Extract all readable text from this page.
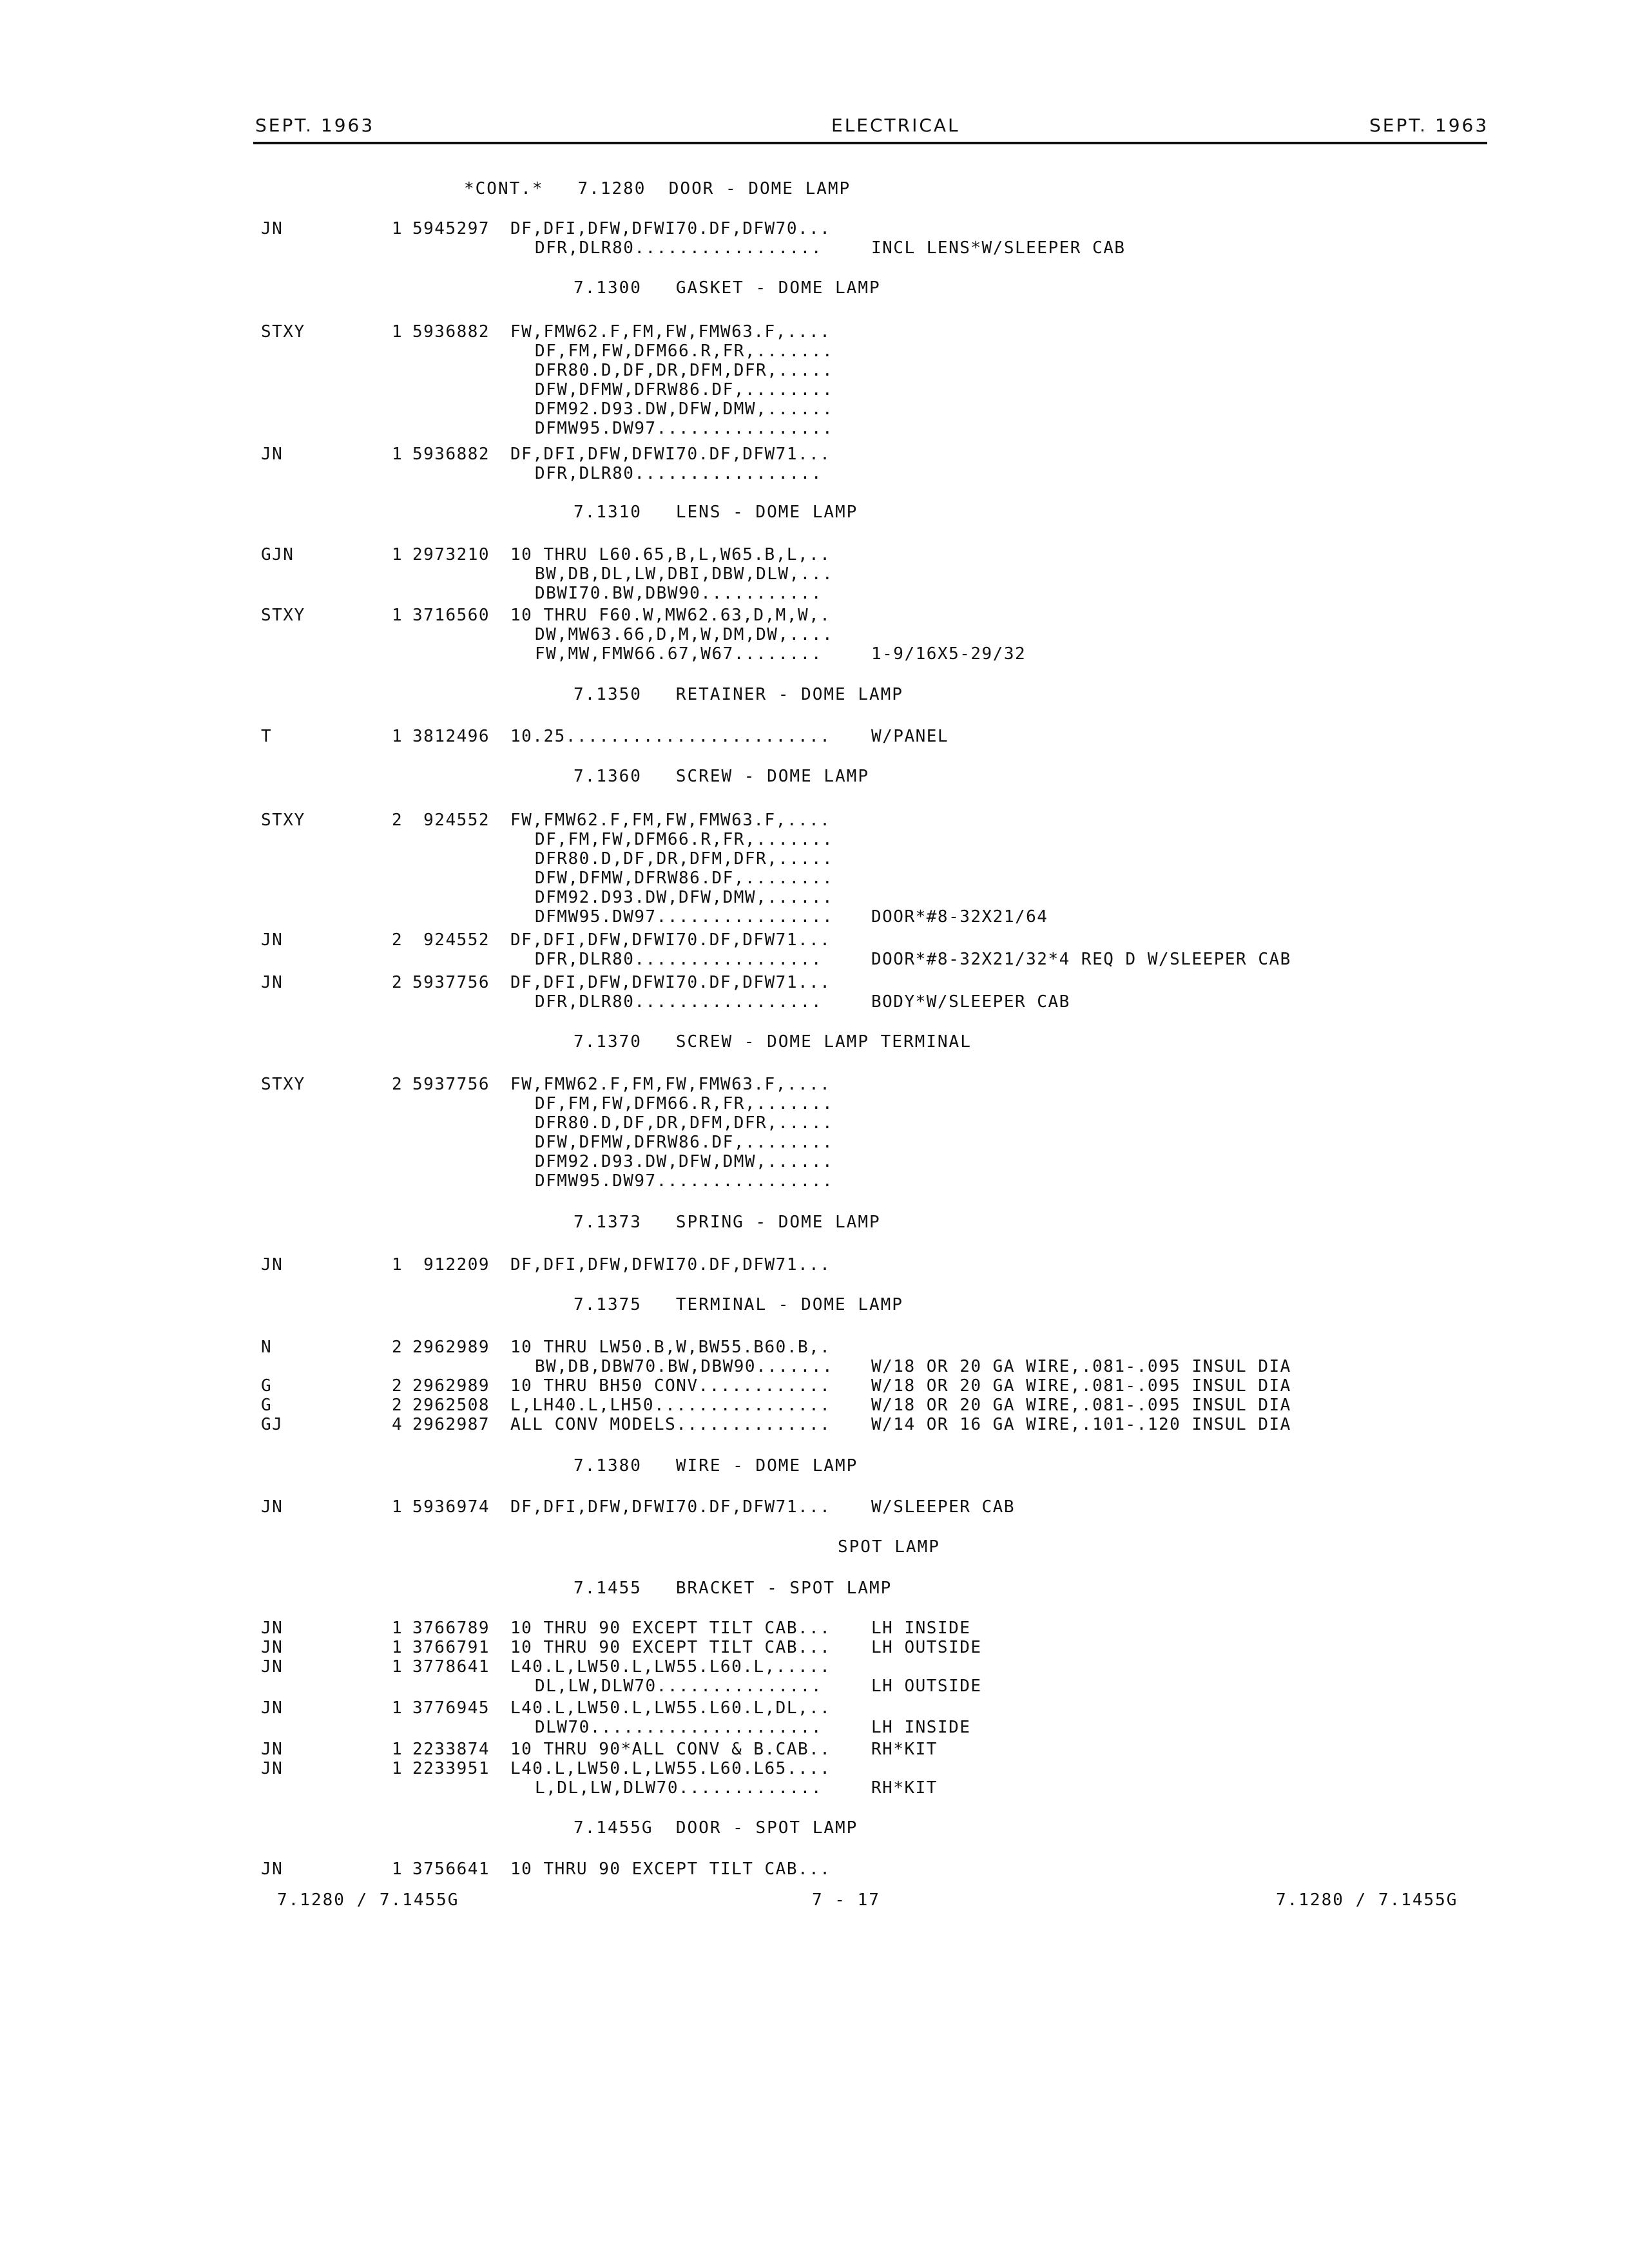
SEPT. 1963	ELECTRICAL	SEPT. 1963
*CONT.*   7.1280  DOOR - DOME LAMP
JN	1 5945297 DF,DFI,DFW,DFWI70.DF,DFW70...
DFR,DLR80.................	INCL LENS*W/SLEEPER CAB
7.1300   GASKET - DOME LAMP
STXY	1 5936882 FW,FMW62.F,FM,FW,FMW63.F,....
DF,FM,FW,DFM66.R,FR,.......
DFR80.D,DF,DR,DFM,DFR,.....
DFW,DFMW,DFRW86.DF,........
DFM92.D93.DW,DFW,DMW,......
DFMW95.DW97................
JN	1 5936882 DF,DFI,DFW,DFWI70.DF,DFW71...
DFR,DLR80.................
7.1310   LENS - DOME LAMP
GJN	1 2973210 10 THRU L60.65,B,L,W65.B,L,..
BW,DB,DL,LW,DBI,DBW,DLW,...
DBWI70.BW,DBW90...........
STXY	1 3716560 10 THRU F60.W,MW62.63,D,M,W,.
DW,MW63.66,D,M,W,DM,DW,....
FW,MW,FMW66.67,W67........	1-9/16X5-29/32
7.1350   RETAINER - DOME LAMP
T	1 3812496 10.25........................ W/PANEL
7.1360   SCREW - DOME LAMP
STXY	2 924552 FW,FMW62.F,FM,FW,FMW63.F,....
DF,FM,FW,DFM66.R,FR,.......
DFR80.D,DF,DR,DFM,DFR,.....
DFW,DFMW,DFRW86.DF,........
DFM92.D93.DW,DFW,DMW,......
DFMW95.DW97................ DOOR*#8-32X21/64
JN	2 924552 DF,DFI,DFW,DFWI70.DF,DFW71...
DFR,DLR80.................	DOOR*#8-32X21/32*4 REQ D W/SLEEPER CAB
JN	2 5937756 DF,DFI,DFW,DFWI70.DF,DFW71...
DFR,DLR80.................	BODY*W/SLEEPER CAB
7.1370   SCREW - DOME LAMP TERMINAL
STXY	2 5937756 FW,FMW62.F,FM,FW,FMW63.F,....
DF,FM,FW,DFM66.R,FR,.......
DFR80.D,DF,DR,DFM,DFR,.....
DFW,DFMW,DFRW86.DF,........
DFM92.D93.DW,DFW,DMW,......
DFMW95.DW97................
7.1373   SPRING - DOME LAMP
JN	1 912209 DF,DFI,DFW,DFWI70.DF,DFW71...
7.1375   TERMINAL - DOME LAMP
N	2 2962989 10 THRU LW50.B,W,BW55.B60.B,.
BW,DB,DBW70.BW,DBW90....... W/18 OR 20 GA WIRE,.081-.095 INSUL DIA
G	2 2962989 10 THRU BH50 CONV............ W/18 OR 20 GA WIRE,.081-.095 INSUL DIA
G	2 2962508 L,LH40.L,LH50................ W/18 OR 20 GA WIRE,.081-.095 INSUL DIA
GJ	4 2962987 ALL CONV MODELS.............. W/14 OR 16 GA WIRE,.101-.120 INSUL DIA
7.1380   WIRE - DOME LAMP
JN	1 5936974 DF,DFI,DFW,DFWI70.DF,DFW71... W/SLEEPER CAB
SPOT LAMP
7.1455   BRACKET - SPOT LAMP
JN	1 3766789 10 THRU 90 EXCEPT TILT CAB... LH INSIDE
JN	1 3766791 10 THRU 90 EXCEPT TILT CAB... LH OUTSIDE
JN	1 3778641 L40.L,LW50.L,LW55.L60.L,.....
DL,LW,DLW70...............	LH OUTSIDE
JN	1 3776945 L40.L,LW50.L,LW55.L60.L,DL,..
DLW70.....................	LH INSIDE
JN	1 2233874 10 THRU 90*ALL CONV & B.CAB.. RH*KIT
JN	1 2233951 L40.L,LW50.L,LW55.L60.L65....
L,DL,LW,DLW70.............	RH*KIT
7.1455G  DOOR - SPOT LAMP
JN	1 3756641 10 THRU 90 EXCEPT TILT CAB...
7.1280 / 7.1455G	7 - 17	7.1280 / 7.1455G
